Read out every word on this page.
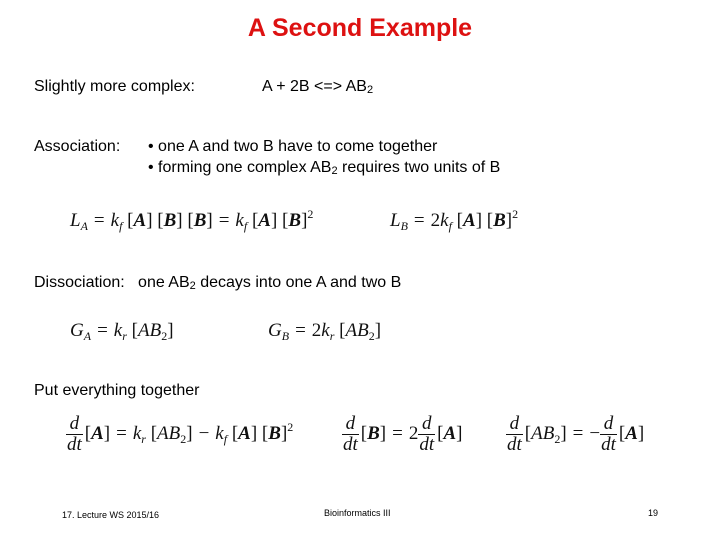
A Second Example
Slightly more complex:	A + 2B <=> AB2
Association: • one A and two B have to come together
• forming one complex AB2 requires two units of B
$L_A = k_f$ [A] [B] $[B] = k_f$ [A] $[B]^2$	$L_B = 2k_f$ [A] $[B]^2$
Dissociation: one AB2 decays into one A and two B
$G_A = k_r$ $[AB_2]$	$G_B = 2k_r$ $[AB_2]$
Put everything together
$\frac{d}{dt} [A] = k_r$ $[AB_2] - k_f$ [A] $[B]^2$	$\frac{d}{dt} [B] = 2 \frac{d}{dt} [A] \frac{d}{dt} [AB_2]$ = − $\frac{d}{dt} [A]$
17. Lecture WS 2015/16	Bioinformatics III	19
